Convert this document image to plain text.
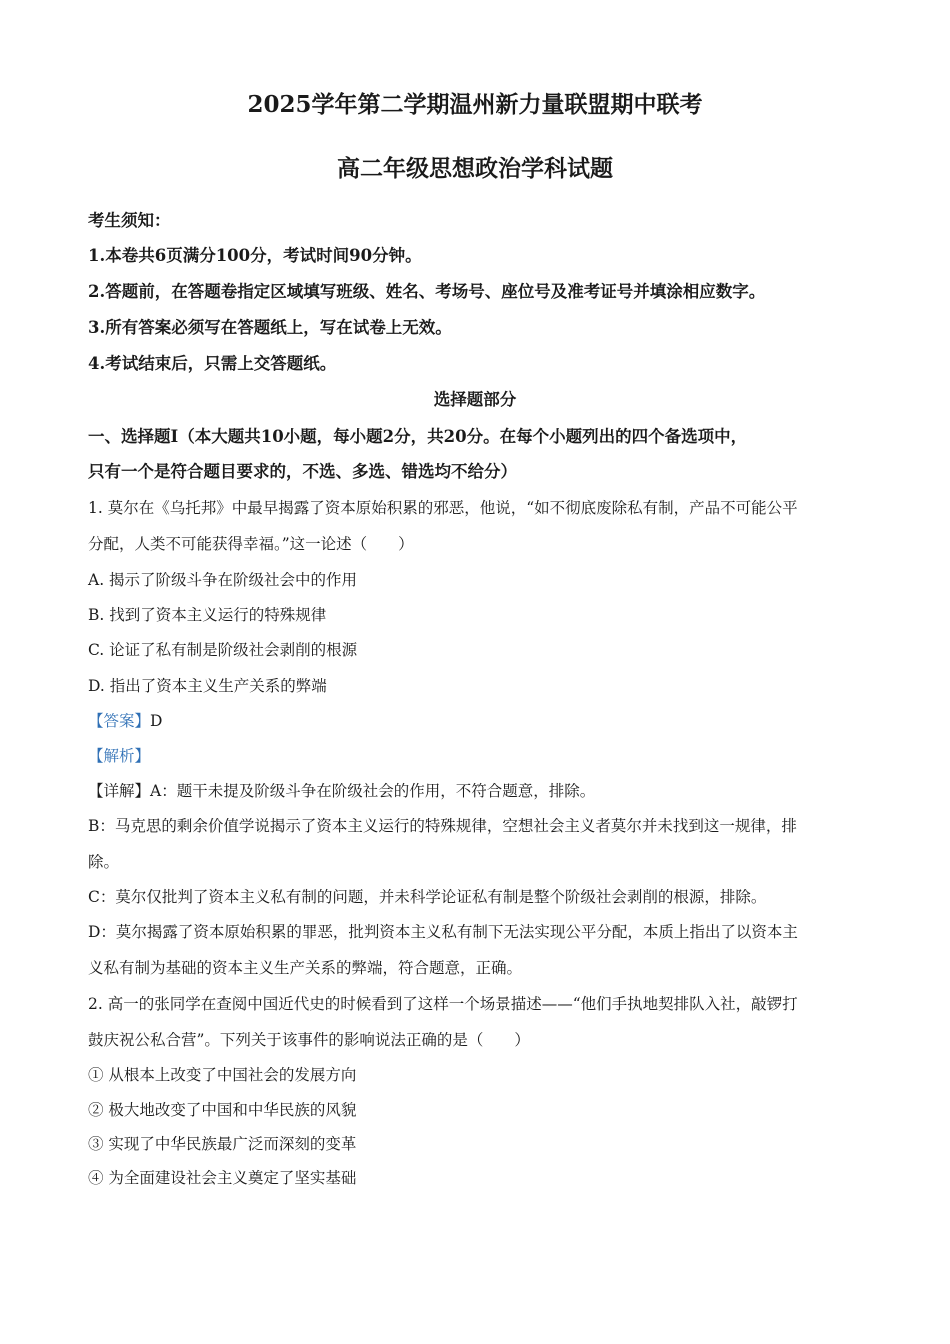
2025学年第二学期温州新力量联盟期中联考
高二年级思想政治学科试题
考生须知：
1.本卷共6页满分100分，考试时间90分钟。
2.答题前，在答题卷指定区域填写班级、姓名、考场号、座位号及准考证号并填涂相应数字。
3.所有答案必须写在答题纸上，写在试卷上无效。
4.考试结束后，只需上交答题纸。
选择题部分
一、选择题Ⅰ（本大题共10小题，每小题2分，共20分。在每个小题列出的四个备选项中，
只有一个是符合题目要求的，不选、多选、错选均不给分）
1. 莫尔在《乌托邦》中最早揭露了资本原始积累的邪恶，他说，“如不彻底废除私有制，产品不可能公平
分配，人类不可能获得幸福。”这一论述（　　）
A. 揭示了阶级斗争在阶级社会中的作用
B. 找到了资本主义运行的特殊规律
C. 论证了私有制是阶级社会剥削的根源
D. 指出了资本主义生产关系的弊端
【答案】D
【解析】
【详解】A：题干未提及阶级斗争在阶级社会的作用，不符合题意，排除。
B：马克思的剩余价值学说揭示了资本主义运行的特殊规律，空想社会主义者莫尔并未找到这一规律，排
除。
C：莫尔仅批判了资本主义私有制的问题，并未科学论证私有制是整个阶级社会剥削的根源，排除。
D：莫尔揭露了资本原始积累的罪恶，批判资本主义私有制下无法实现公平分配，本质上指出了以资本主
义私有制为基础的资本主义生产关系的弊端，符合题意，正确。
2. 高一的张同学在查阅中国近代史的时候看到了这样一个场景描述——“他们手执地契排队入社，敲锣打
鼓庆祝公私合营”。下列关于该事件的影响说法正确的是（　　）
① 从根本上改变了中国社会的发展方向
② 极大地改变了中国和中华民族的风貌
③ 实现了中华民族最广泛而深刻的变革
④ 为全面建设社会主义奠定了坚实基础
